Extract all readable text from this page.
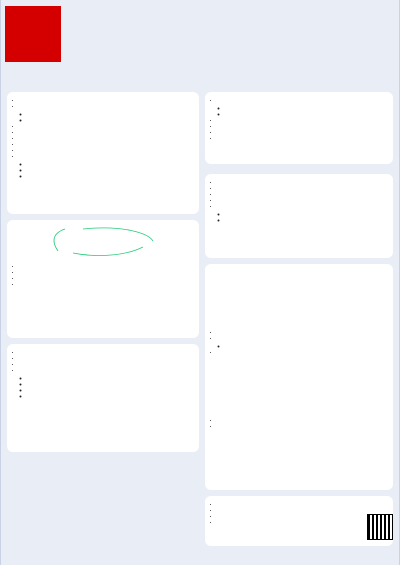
•
•
◦
◦
•
•
•
•
•
•
◦
◦
◦
•
◦
◦
•
•
•
•
•
•
•
•
•
◦
◦
•
•
•
•
•
•
◦
•
•
•
•
•
•
•
◦
◦
◦
◦
•
•
•
•
